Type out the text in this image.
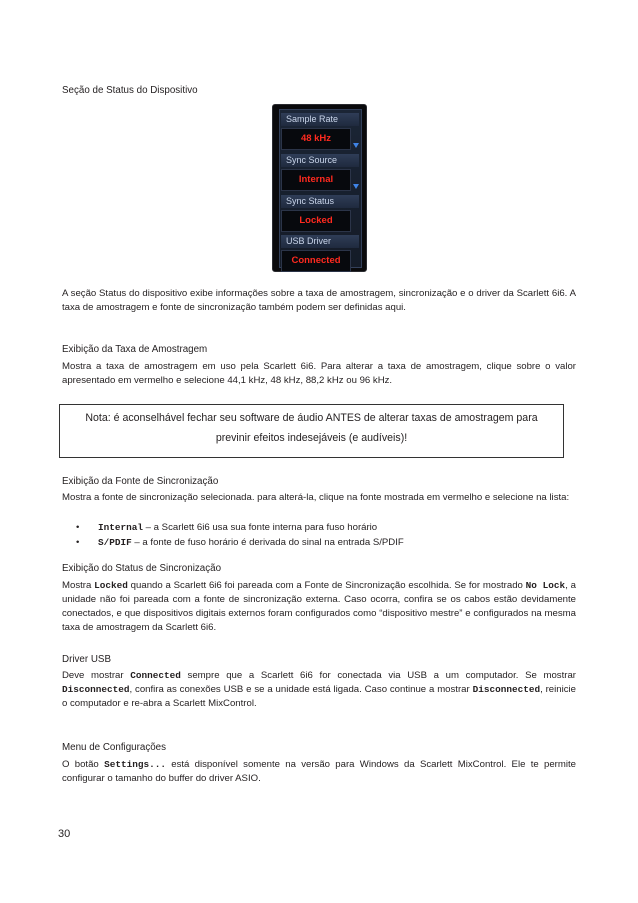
Seção de Status do Dispositivo
Sample Rate
48 kHz
Sync Source
Internal
Sync Status
Locked
USB Driver
Connected
A seção Status do dispositivo exibe informações sobre a taxa de amostragem, sincronização e o driver da Scarlett 6i6. A taxa de amostragem e fonte de sincronização também podem ser definidas aqui.
Exibição da Taxa de Amostragem
Mostra a taxa de amostragem em uso pela Scarlett 6i6. Para alterar a taxa de amostragem, clique sobre o valor apresentado em vermelho e selecione 44,1 kHz, 48 kHz, 88,2 kHz ou 96 kHz.
Nota: é aconselhável fechar seu software de áudio ANTES de alterar taxas de amostragem para
previnir efeitos indesejáveis (e audíveis)!
Exibição da Fonte de Sincronização
Mostra a fonte de sincronização selecionada. para alterá-la, clique na fonte mostrada em vermelho e selecione na lista:
• Internal – a Scarlett 6i6 usa sua fonte interna para fuso horário
• S/PDIF – a fonte de fuso horário é derivada do sinal na entrada S/PDIF
Exibição do Status de Sincronização
Mostra Locked quando a Scarlett 6i6 foi pareada com a Fonte de Sincronização escolhida. Se for mostrado No Lock, a unidade não foi pareada com a fonte de sincronização externa. Caso ocorra, confira se os cabos estão devidamente conectados, e que dispositivos digitais externos foram configurados como “dispositivo mestre” e configurados na mesma taxa de amostragem da Scarlett 6i6.
Driver USB
Deve mostrar Connected sempre que a Scarlett 6i6 for conectada via USB a um computador. Se mostrar Disconnected, confira as conexões USB e se a unidade está ligada. Caso continue a mostrar Disconnected, reinicie o computador e re-abra a Scarlett MixControl.
Menu de Configurações
O botão Settings... está disponível somente na versão para Windows da Scarlett MixControl. Ele te permite configurar o tamanho do buffer do driver ASIO.
30
